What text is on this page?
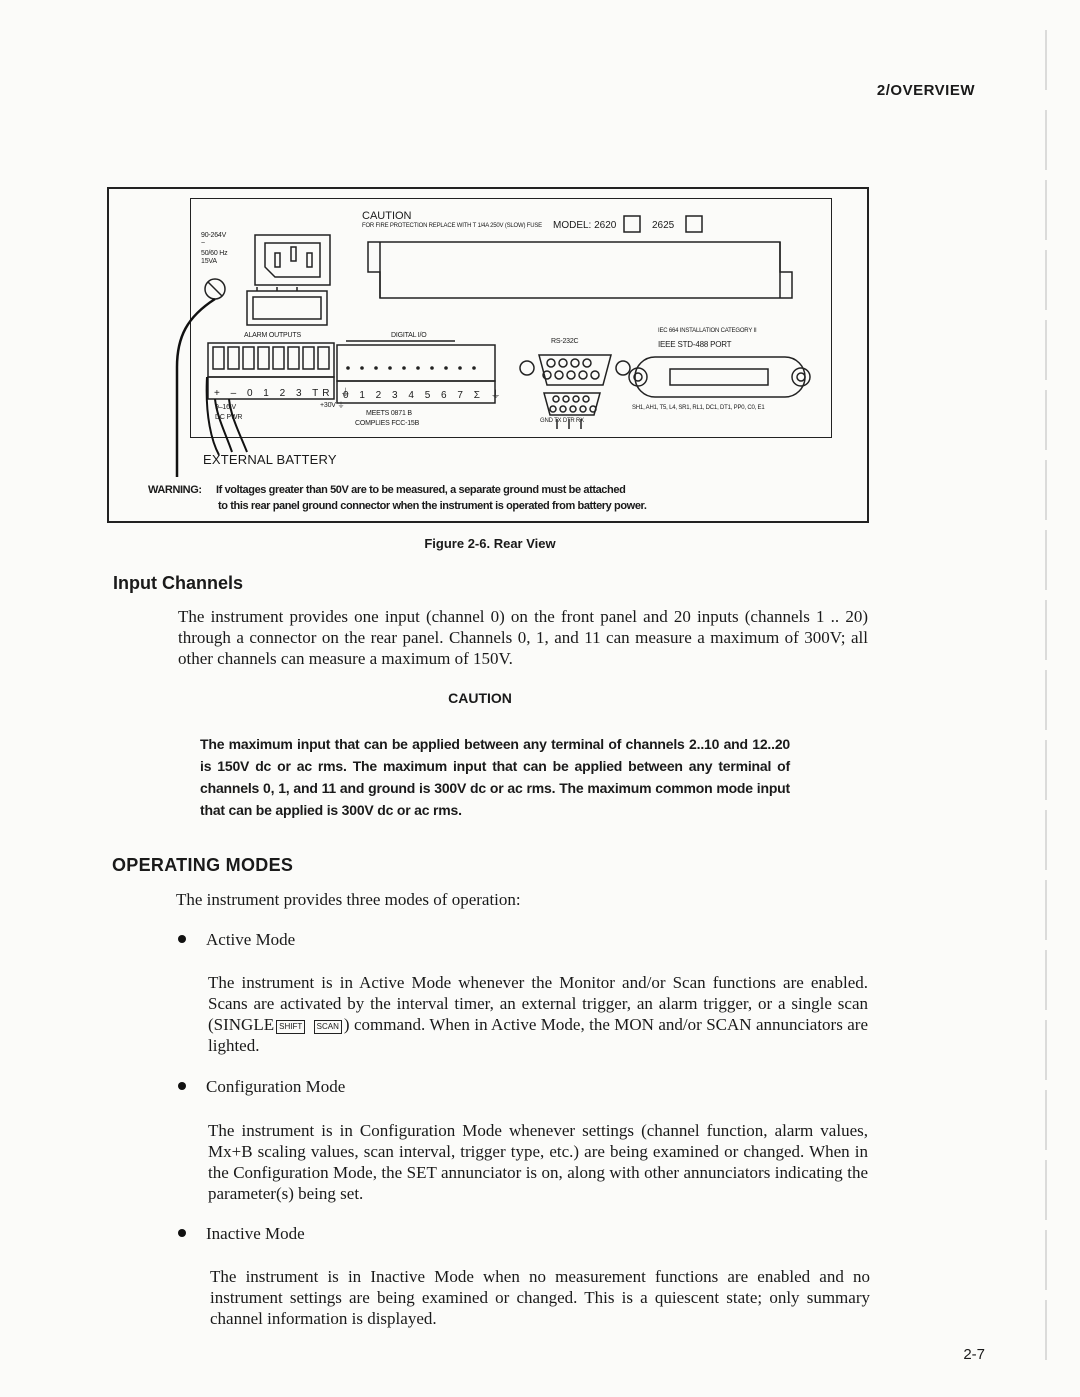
2/OVERVIEW
CAUTION
FOR FIRE PROTECTION REPLACE WITH T 1/4A 250V (SLOW) FUSE MODEL: 2620	2625
90-264V
~
50/60 Hz
15VA
ALARM OUTPUTS	DIGITAL I/O
RS-232C
IEC 664 INSTALLATION CATEGORY II
IEEE STD-488 PORT
+ – 0 1 2 3 TR ⏚
0 1 2 3 4 5 6 7 Σ ⏚
9–16 V
DC PWR
+30V ⏚
MEETS 0871 B
COMPLIES FCC-15B	GND TX DTR RX
SH1, AH1, T5, L4, SR1, RL1, DC1, DT1, PP0, C0, E1
EXTERNAL BATTERY
WARNING: If voltages greater than 50V are to be measured, a separate ground must be attached
to this rear panel ground connector when the instrument is operated from battery power.
Figure 2-6. Rear View
Input Channels
The instrument provides one input (channel 0) on the front panel and 20 inputs (channels 1 .. 20) through a connector on the rear panel. Channels 0, 1, and 11 can measure a maximum of 300V; all other channels can measure a maximum of 150V.
CAUTION
The maximum input that can be applied between any terminal of channels 2..10 and 12..20 is 150V dc or ac rms. The maximum input that can be applied between any terminal of channels 0, 1, and 11 and ground is 300V dc or ac rms. The maximum common mode input that can be applied is 300V dc or ac rms.
OPERATING MODES
The instrument provides three modes of operation:
Active Mode
The instrument is in Active Mode whenever the Monitor and/or Scan functions are enabled. Scans are activated by the interval timer, an external trigger, an alarm trigger, or a single scan (SINGLE SHIFT SCAN ) command. When in Active Mode, the MON and/or SCAN annunciators are lighted.
Configuration Mode
The instrument is in Configuration Mode whenever settings (channel function, alarm values, Mx+B scaling values, scan interval, trigger type, etc.) are being examined or changed. When in the Configuration Mode, the SET annunciator is on, along with other annunciators indicating the parameter(s) being set.
Inactive Mode
The instrument is in Inactive Mode when no measurement functions are enabled and no instrument settings are being examined or changed. This is a quiescent state; only summary channel information is displayed.
2-7
